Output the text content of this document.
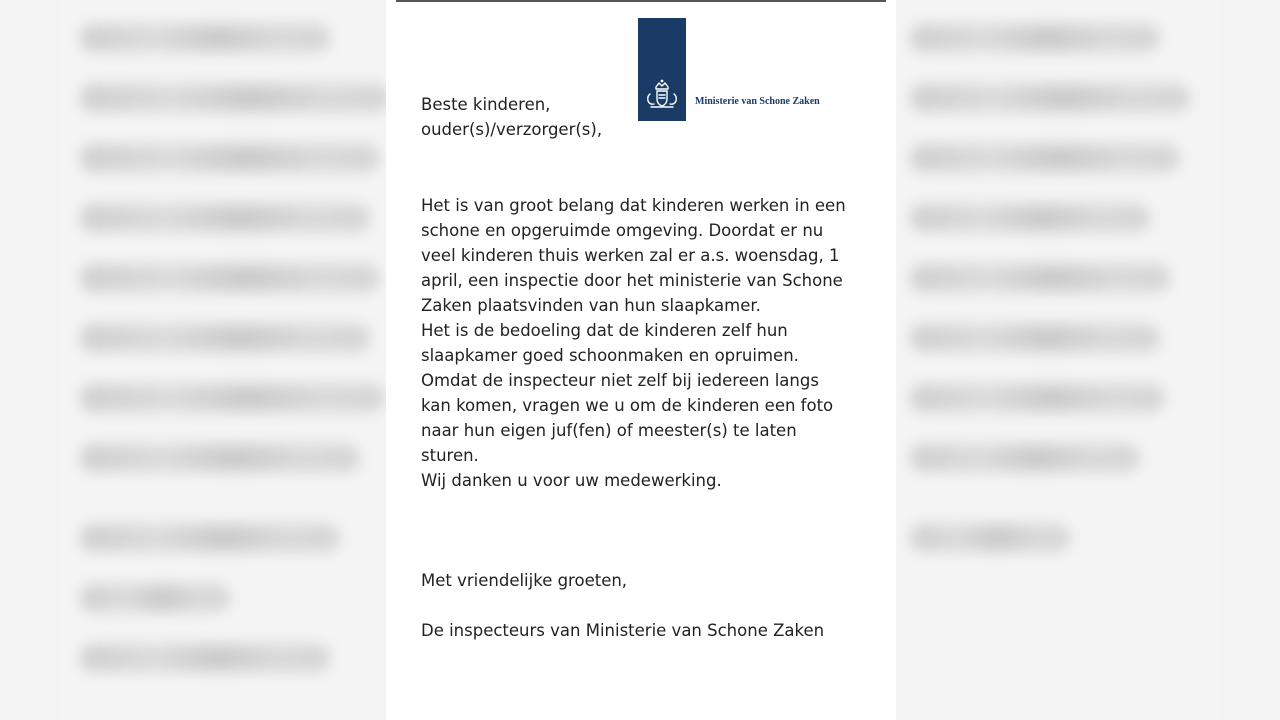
Ministerie van Schone Zaken
Beste kinderen,
ouder(s)/verzorger(s),
Het is van groot belang dat kinderen werken in een
schone en opgeruimde omgeving. Doordat er nu
veel kinderen thuis werken zal er a.s. woensdag, 1
april, een inspectie door het ministerie van Schone
Zaken plaatsvinden van hun slaapkamer.
Het is de bedoeling dat de kinderen zelf hun
slaapkamer goed schoonmaken en opruimen.
Omdat de inspecteur niet zelf bij iedereen langs
kan komen, vragen we u om de kinderen een foto
naar hun eigen juf(fen) of meester(s) te laten
sturen.
Wij danken u voor uw medewerking.
Met vriendelijke groeten,
De inspecteurs van Ministerie van Schone Zaken
